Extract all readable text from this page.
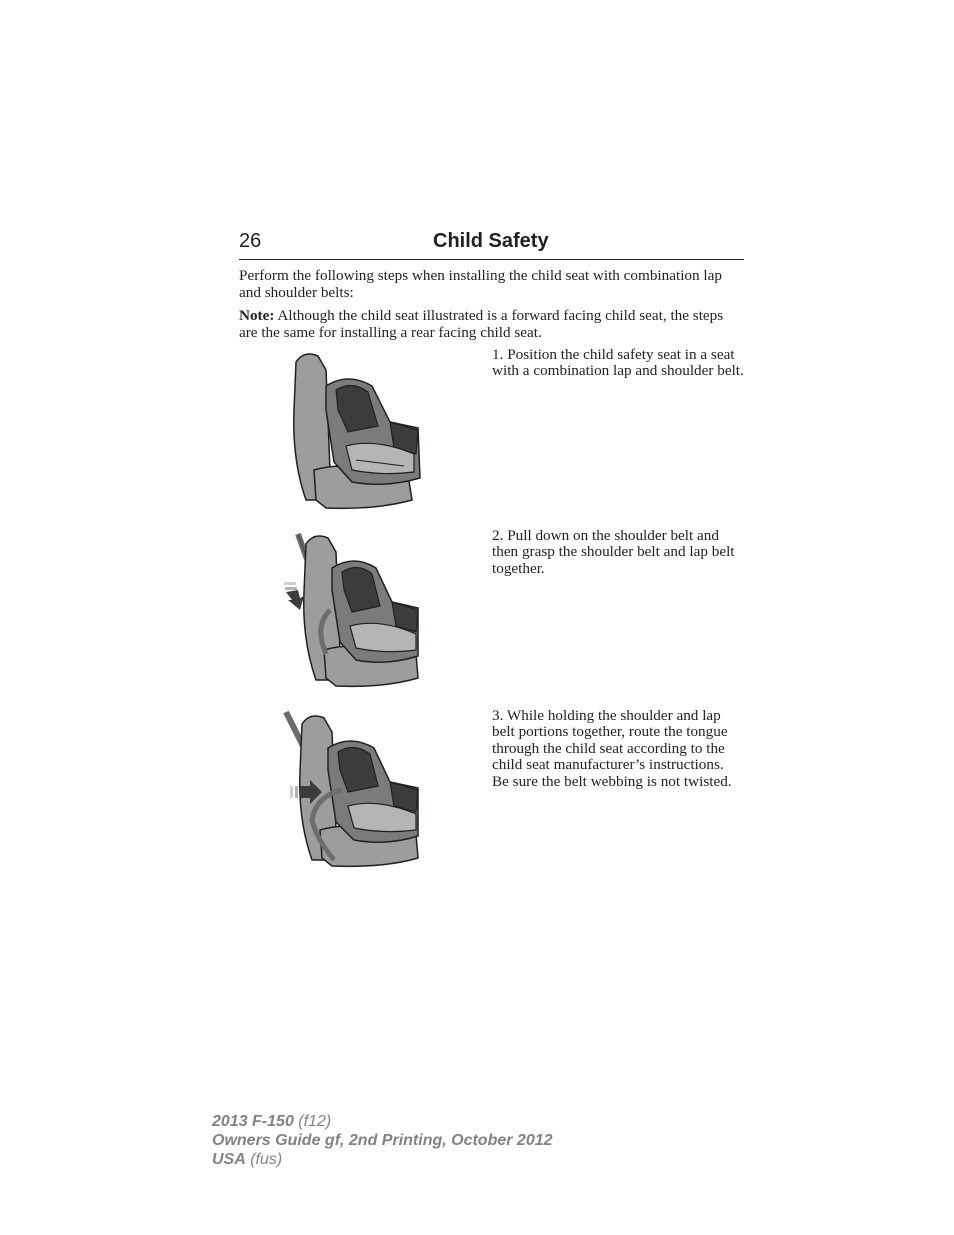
26	Child Safety

Perform the following steps when installing the child seat with combination lap and shoulder belts:

Note: Although the child seat illustrated is a forward facing child seat, the steps are the same for installing a rear facing child seat.

1. Position the child safety seat in a seat with a combination lap and shoulder belt.

2. Pull down on the shoulder belt and then grasp the shoulder belt and lap belt together.

3. While holding the shoulder and lap belt portions together, route the tongue through the child seat according to the child seat manufacturer’s instructions. Be sure the belt webbing is not twisted.

2013 F-150 (f12)
Owners Guide gf, 2nd Printing, October 2012
USA (fus)
